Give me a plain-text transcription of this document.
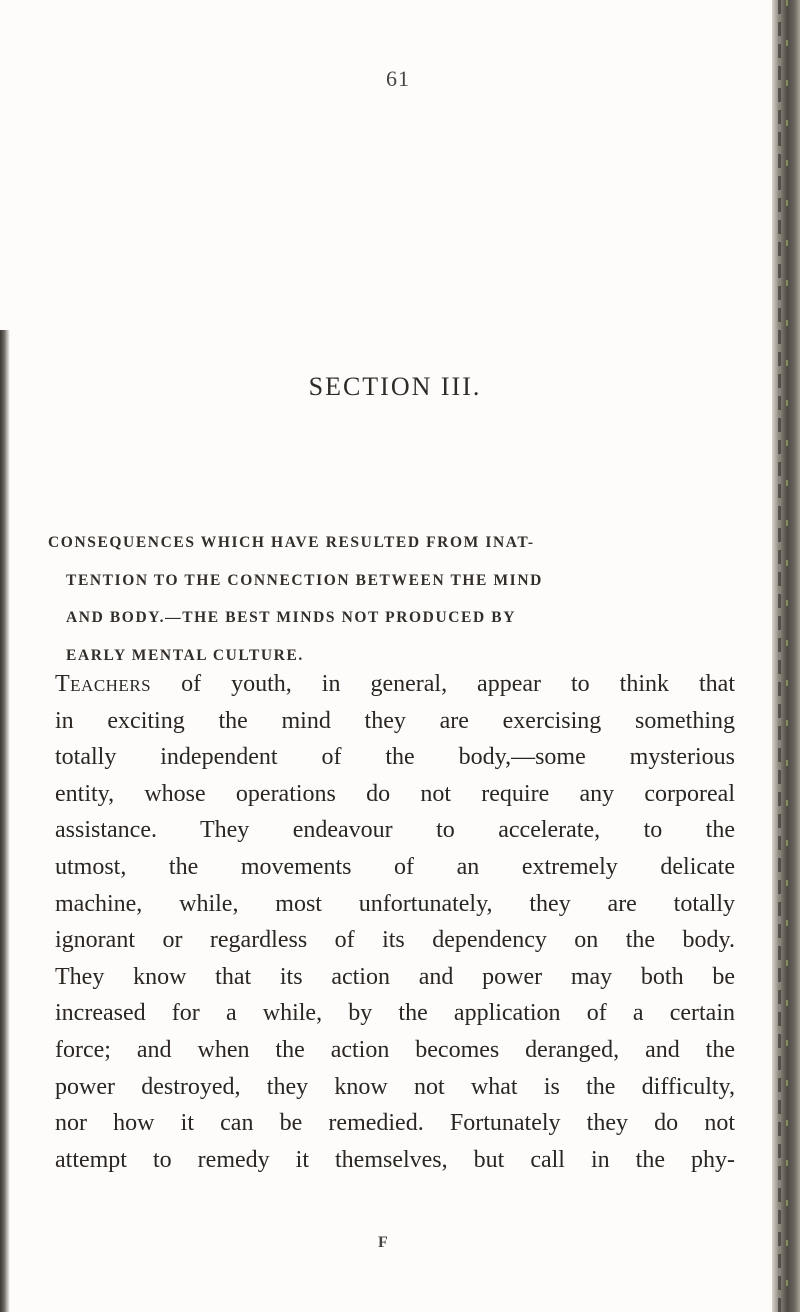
61
SECTION III.
CONSEQUENCES WHICH HAVE RESULTED FROM INAT-
TENTION TO THE CONNECTION BETWEEN THE MIND
AND BODY.—THE BEST MINDS NOT PRODUCED BY
EARLY MENTAL CULTURE.
Teachers of youth, in general, appear to think that
in exciting the mind they are exercising something
totally independent of the body,—some mysterious
entity, whose operations do not require any corporeal
assistance. They endeavour to accelerate, to the
utmost, the movements of an extremely delicate
machine, while, most unfortunately, they are totally
ignorant or regardless of its dependency on the body.
They know that its action and power may both be
increased for a while, by the application of a certain
force; and when the action becomes deranged, and the
power destroyed, they know not what is the difficulty,
nor how it can be remedied. Fortunately they do not
attempt to remedy it themselves, but call in the phy-
F
